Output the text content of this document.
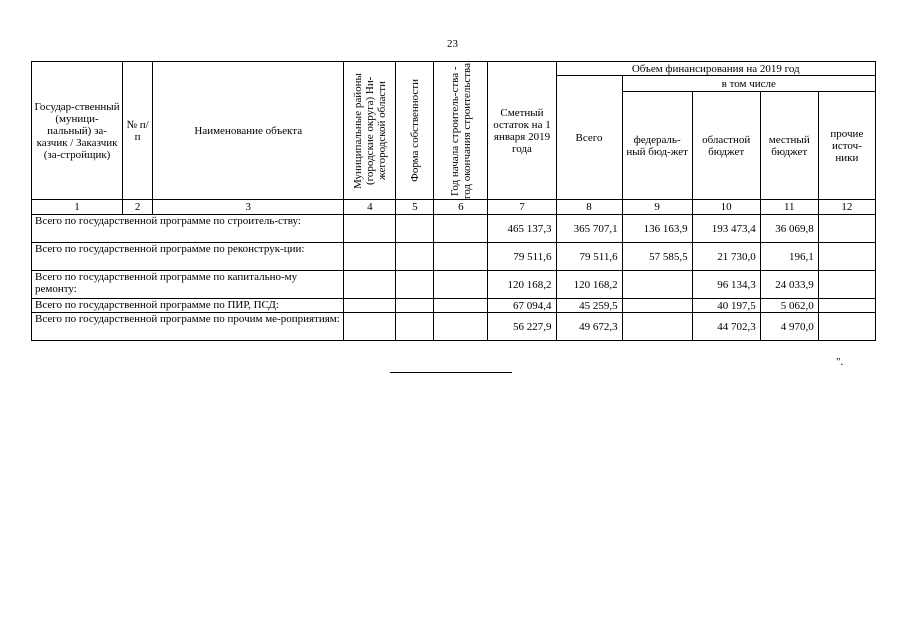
23
Государ-ственный (муници-пальный) за-казчик / Заказчик (за-стройщик)	№ п/п	Наименование объекта	Муниципальные районы (городские округа) Ни-жегородской области	Форма собственности	Год начала строитель-ства - год окончания строительства	Сметный остаток на 1 января 2019 года	Объем финансирования на 2019 год				
							Всего	в том числе			
								федераль-ный бюд-жет	областной бюджет	местный бюджет	прочие источ-ники
1	2	3	4	5	6	7	8	9	10	11	12
Всего по государственной программе по строитель-ству:						465 137,3	365 707,1	136 163,9	193 473,4	36 069,8	
Всего по государственной программе по реконструк-ции:						79 511,6	79 511,6	57 585,5	21 730,0	196,1	
Всего по государственной программе по капитально-му ремонту:						120 168,2	120 168,2		96 134,3	24 033,9	
Всего по государственной программе по ПИР, ПСД:						67 094,4	45 259,5		40 197,5	5 062,0	
Всего по государственной программе по прочим ме-роприятиям:						56 227,9	49 672,3		44 702,3	4 970,0	
".
